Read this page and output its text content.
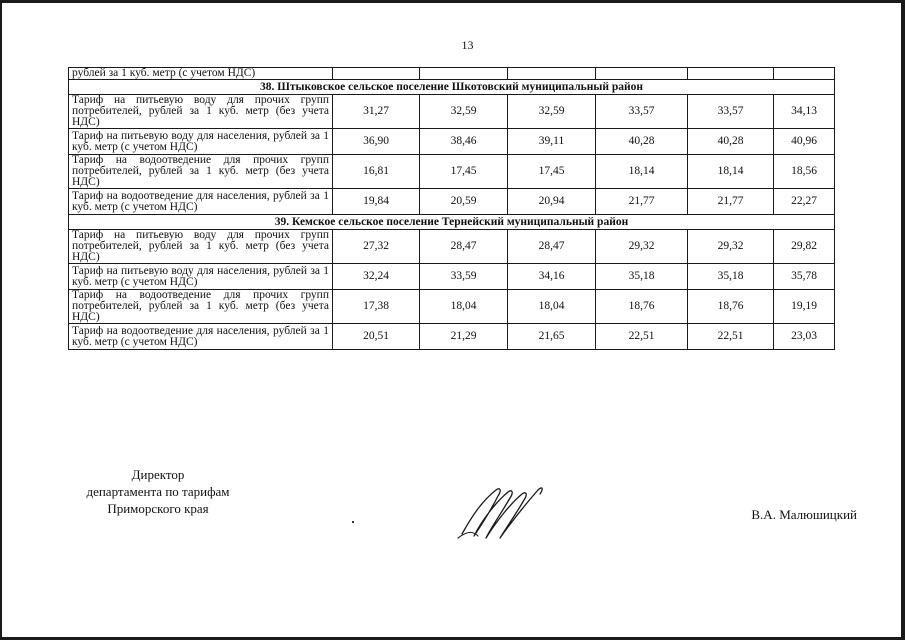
13
рублей за 1 куб. метр (с учетом НДС)						
38. Штыковское сельское поселение Шкотовский муниципальный район						
Тариф на питьевую воду для прочих групп потребителей, рублей за 1 куб. метр (без учета НДС)	31,27	32,59	32,59	33,57	33,57	34,13
Тариф на питьевую воду для населения, рублей за 1 куб. метр (с учетом НДС)	36,90	38,46	39,11	40,28	40,28	40,96
Тариф на водоотведение для прочих групп потребителей, рублей за 1 куб. метр (без учета НДС)	16,81	17,45	17,45	18,14	18,14	18,56
Тариф на водоотведение для населения, рублей за 1 куб. метр (с учетом НДС)	19,84	20,59	20,94	21,77	21,77	22,27
39. Кемское сельское поселение Тернейский муниципальный район						
Тариф на питьевую воду для прочих групп потребителей, рублей за 1 куб. метр (без учета НДС)	27,32	28,47	28,47	29,32	29,32	29,82
Тариф на питьевую воду для населения, рублей за 1 куб. метр (с учетом НДС)	32,24	33,59	34,16	35,18	35,18	35,78
Тариф на водоотведение для прочих групп потребителей, рублей за 1 куб. метр (без учета НДС)	17,38	18,04	18,04	18,76	18,76	19,19
Тариф на водоотведение для населения, рублей за 1 куб. метр (с учетом НДС)	20,51	21,29	21,65	22,51	22,51	23,03
Директор
департамента по тарифам
Приморского края	В.А. Малюшицкий
